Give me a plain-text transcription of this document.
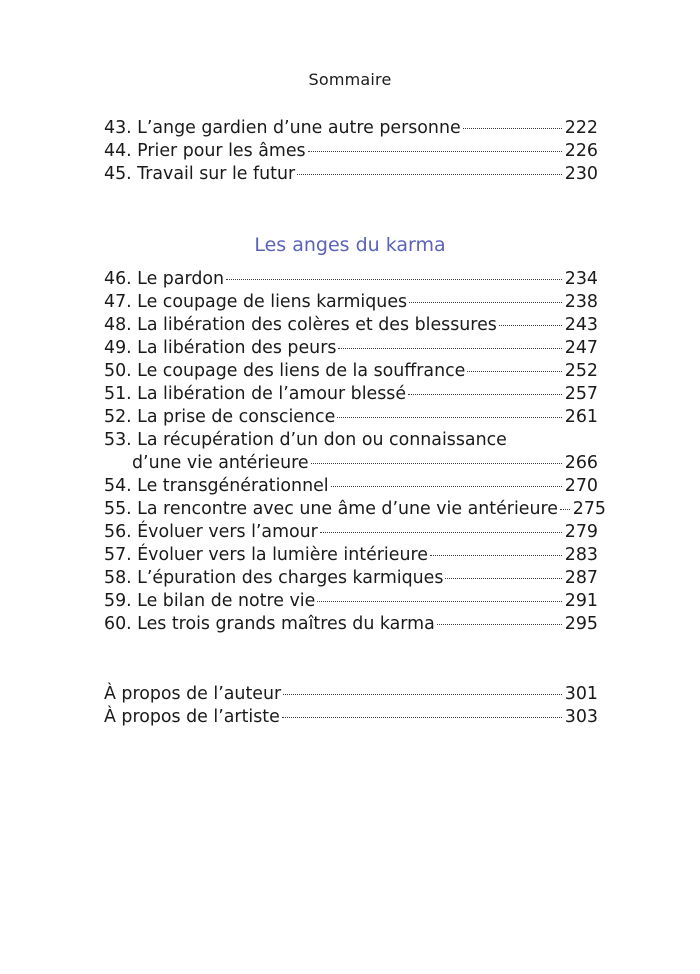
Sommaire
43. L’ange gardien d’une autre personne	222
44. Prier pour les âmes	226
45. Travail sur le futur	230
Les anges du karma
46. Le pardon	234
47. Le coupage de liens karmiques	238
48. La libération des colères et des blessures	243
49. La libération des peurs	247
50. Le coupage des liens de la souffrance	252
51. La libération de l’amour blessé	257
52. La prise de conscience	261
53. La récupération d’un don ou connaissance
d’une vie antérieure	266
54. Le transgénérationnel	270
55. La rencontre avec une âme d’une vie antérieure 275
56. Évoluer vers l’amour	279
57. Évoluer vers la lumière intérieure	283
58. L’épuration des charges karmiques	287
59. Le bilan de notre vie	291
60. Les trois grands maîtres du karma	295
À propos de l’auteur	301
À propos de l’artiste	303
